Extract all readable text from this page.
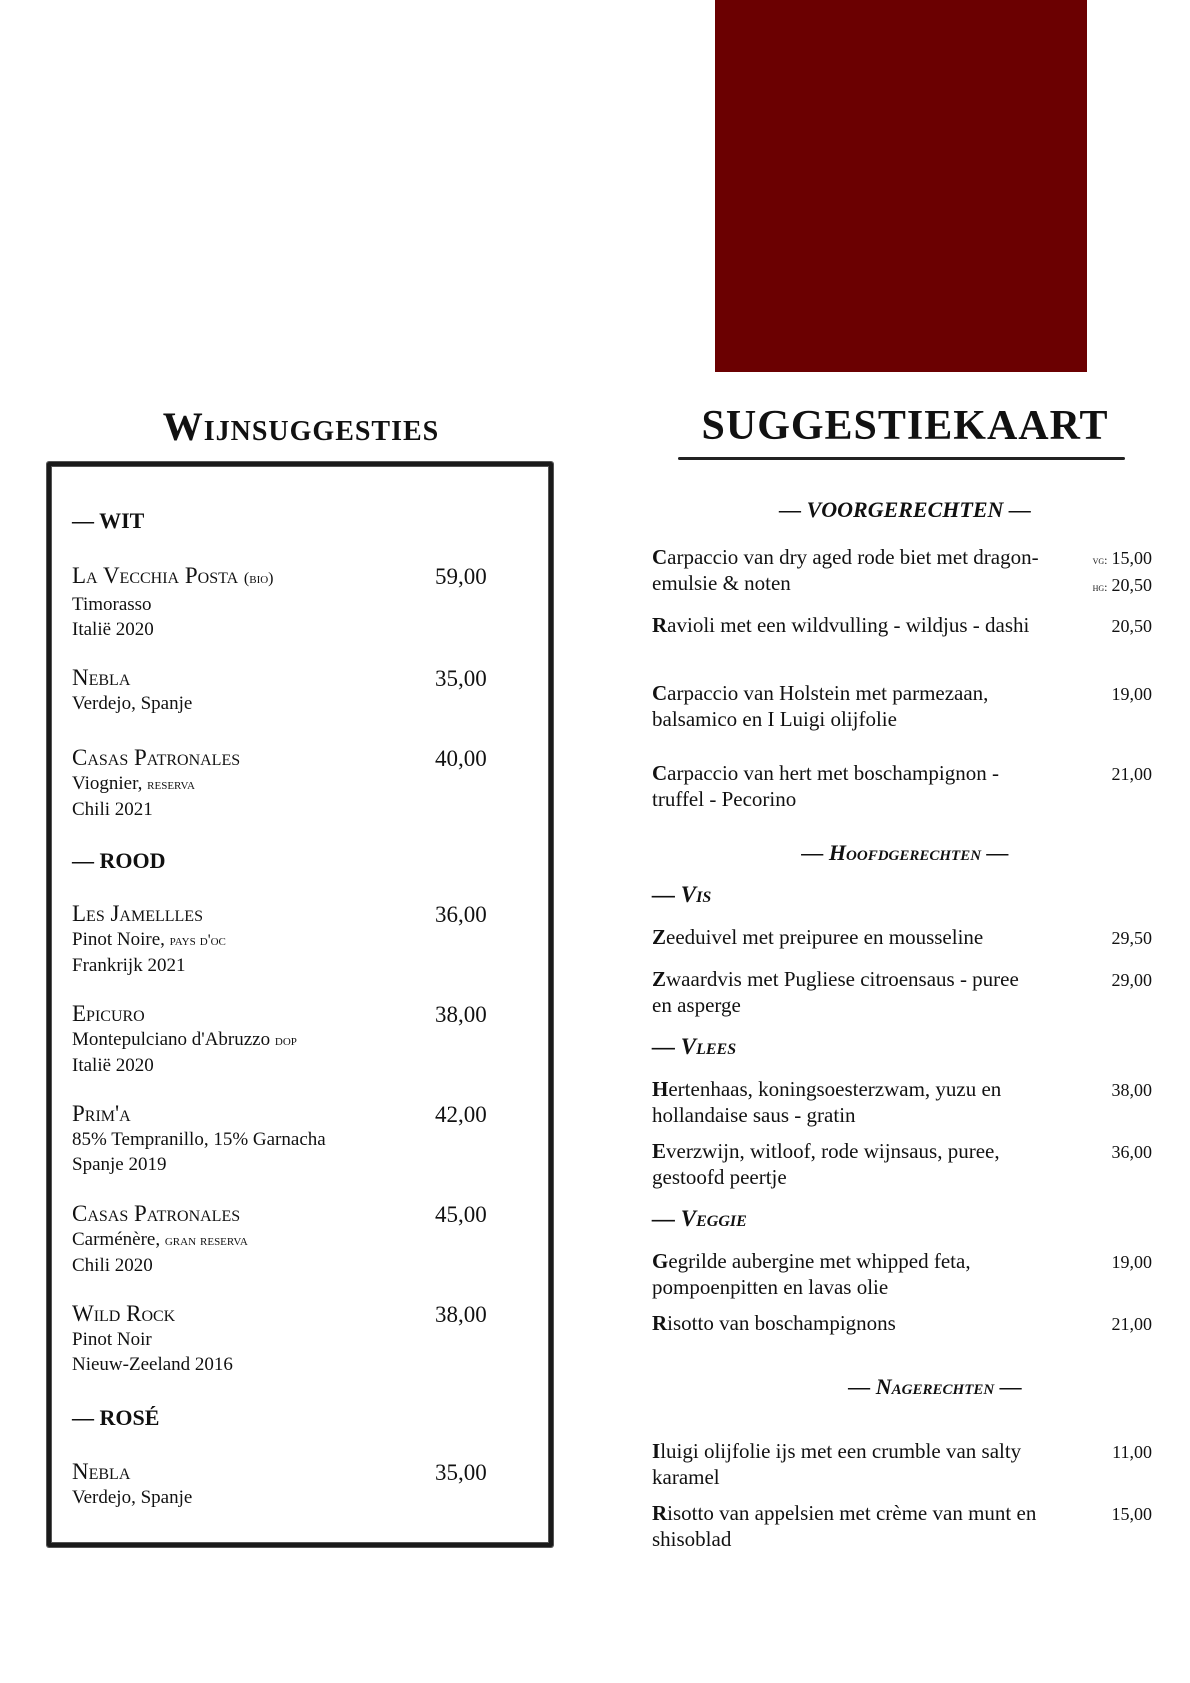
Wijnsuggesties	SUGGESTIEKAART
— WIT
La Vecchia Posta (bio)
Timorasso
Italië 2020
59,00
Nebla
Verdejo, Spanje
35,00
Casas Patronales
Viognier, reserva
Chili 2021
40,00
— ROOD
Les Jamellles
Pinot Noire, pays d'oc
Frankrijk 2021
36,00
Epicuro
Montepulciano d'Abruzzo dop
Italië 2020
38,00
Prim'a
85% Tempranillo, 15% Garnacha
Spanje 2019
42,00
Casas Patronales
Carménère, gran reserva
Chili 2020
45,00
Wild Rock
Pinot Noir
Nieuw-Zeeland 2016
38,00
— ROSÉ
Nebla
Verdejo, Spanje
35,00
— VOORGERECHTEN —
Carpaccio van dry aged rode biet met dragon-emulsie & noten
vg: 15,00
hg: 20,50
Ravioli met een wildvulling - wildjus - dashi	20,50
Carpaccio van Holstein met parmezaan, balsamico en I Luigi olijfolie
19,00
Carpaccio van hert met boschampignon - truffel - Pecorino
21,00
— Hoofdgerechten —
— Vis
Zeeduivel met preipuree en mousseline	29,50
Zwaardvis met Pugliese citroensaus - puree en asperge
29,00
— Vlees
Hertenhaas, koningsoesterzwam, yuzu en hollandaise saus - gratin
38,00
Everzwijn, witloof, rode wijnsaus, puree, gestoofd peertje
36,00
— Veggie
Gegrilde aubergine met whipped feta, pompoenpitten en lavas olie
19,00
Risotto van boschampignons	21,00
— Nagerechten —
Iluigi olijfolie ijs met een crumble van salty karamel
11,00
Risotto van appelsien met crème van munt en shisoblad
15,00
